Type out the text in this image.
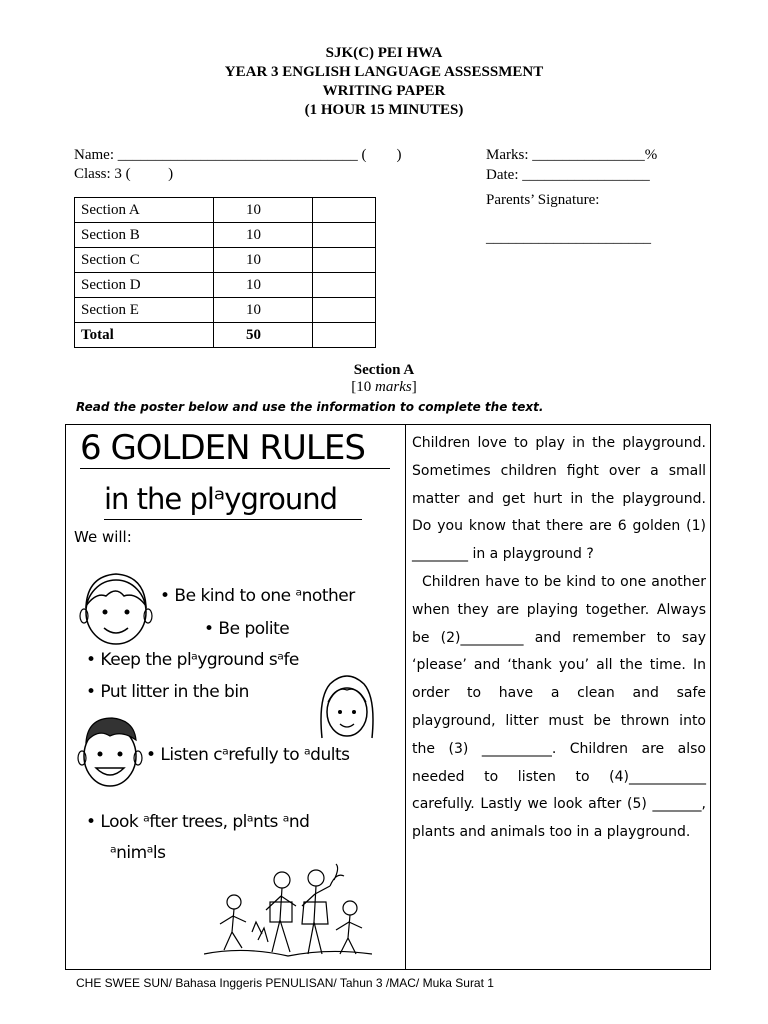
SJK(C) PEI HWA
YEAR 3 ENGLISH LANGUAGE ASSESSMENT
WRITING PAPER
(1 HOUR 15 MINUTES)
Name: ________________________________ (        )
Class: 3 (          )
Marks: _______________%
Date: _________________
Parents’ Signature:
______________________
Section A	10	
Section B	10	
Section C	10	
Section D	10	
Section E	10	
Total	50	
Section A
[10 marks]
Read the poster below and use the information to complete the text.
6 GOLDEN RULES
in the plᵃyground
We will:
• Be kind to one ᵃnother
• Be polite
• Keep the plᵃyground sᵃfe
• Put litter in the bin
• Listen cᵃrefully to ᵃdults
• Look ᵃfter trees, plᵃnts ᵃnd
ᵃnimᵃls

Children love to play in the playground. Sometimes children fight over a small matter and get hurt in the playground. Do you know that there are 6 golden (1) ________ in a playground ?

Children have to be kind to one another when they are playing together. Always be (2)_________ and remember to say ‘please’ and ‘thank you’ all the time. In order to have a clean and safe playground, litter must be thrown into the (3) __________. Children are also needed to listen to (4)___________ carefully. Lastly we look after (5) _______, plants and animals too in a playground.

CHE SWEE SUN/ Bahasa Inggeris PENULISAN/ Tahun 3 /MAC/ Muka Surat 1
